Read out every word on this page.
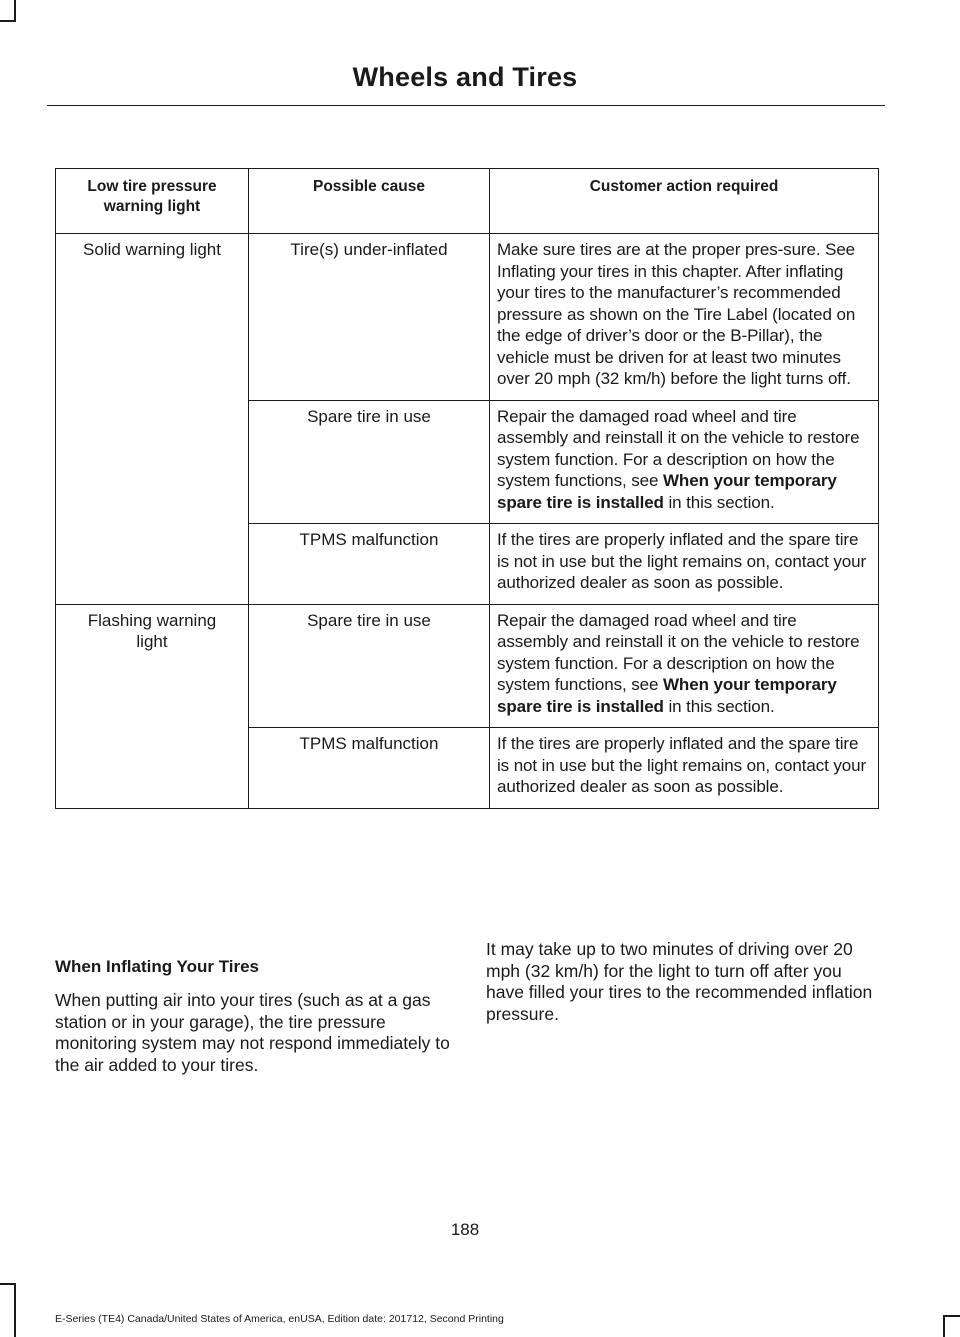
Wheels and Tires
Low tire pressure warning light	Possible cause	Customer action required
Solid warning light	Tire(s) under-inflated	Make sure tires are at the proper pres-sure. See Inflating your tires in this chapter. After inflating your tires to the manufacturer’s recommended pressure as shown on the Tire Label (located on the edge of driver’s door or the B-Pillar), the vehicle must be driven for at least two minutes over 20 mph (32 km/h) before the light turns off.
	Spare tire in use	Repair the damaged road wheel and tire assembly and reinstall it on the vehicle to restore system function. For a description on how the system functions, see When your temporary spare tire is installed in this section.
	TPMS malfunction	If the tires are properly inflated and the spare tire is not in use but the light remains on, contact your authorized dealer as soon as possible.
Flashing warning light	Spare tire in use	Repair the damaged road wheel and tire assembly and reinstall it on the vehicle to restore system function. For a description on how the system functions, see When your temporary spare tire is installed in this section.
	TPMS malfunction	If the tires are properly inflated and the spare tire is not in use but the light remains on, contact your authorized dealer as soon as possible.
When Inflating Your Tires

When putting air into your tires (such as at a gas station or in your garage), the tire pressure monitoring system may not respond immediately to the air added to your tires.

It may take up to two minutes of driving over 20 mph (32 km/h) for the light to turn off after you have filled your tires to the recommended inflation pressure.

188
E-Series (TE4) Canada/United States of America, enUSA, Edition date: 201712, Second Printing
